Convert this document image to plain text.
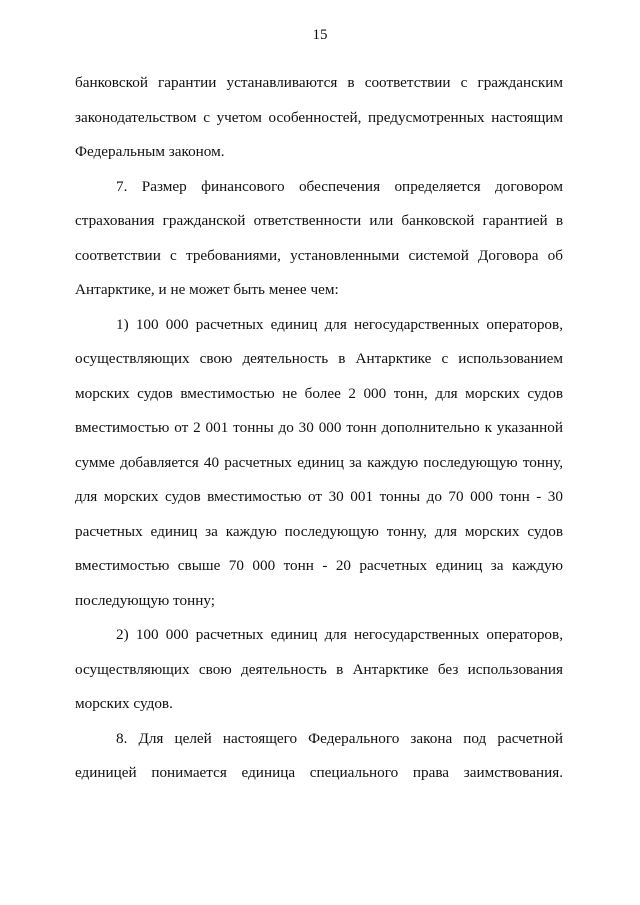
15

банковской гарантии устанавливаются в соответствии с гражданским законодательством с учетом особенностей, предусмотренных настоящим Федеральным законом.

7. Размер финансового обеспечения определяется договором страхования гражданской ответственности или банковской гарантией в соответствии с требованиями, установленными системой Договора об Антарктике, и не может быть менее чем:

1) 100 000 расчетных единиц для негосударственных операторов, осуществляющих свою деятельность в Антарктике с использованием морских судов вместимостью не более 2 000 тонн, для морских судов вместимостью от 2 001 тонны до 30 000 тонн дополнительно к указанной сумме добавляется 40 расчетных единиц за каждую последующую тонну, для морских судов вместимостью от 30 001 тонны до 70 000 тонн - 30 расчетных единиц за каждую последующую тонну, для морских судов вместимостью свыше 70 000 тонн - 20 расчетных единиц за каждую последующую тонну;

2) 100 000 расчетных единиц для негосударственных операторов, осуществляющих свою деятельность в Антарктике без использования морских судов.

8. Для целей настоящего Федерального закона под расчетной единицей понимается единица специального права заимствования.
